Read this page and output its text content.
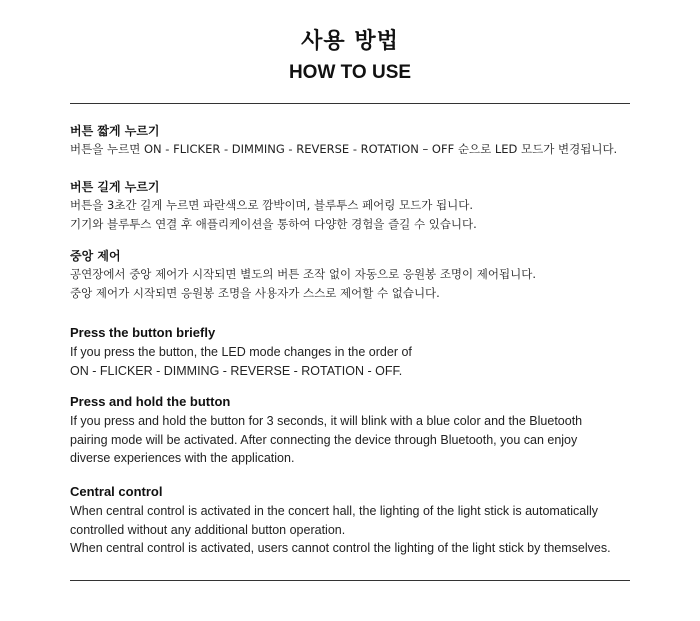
사용 방법
HOW TO USE

버튼 짧게 누르기

버튼을 누르면 ON - FLICKER - DIMMING - REVERSE - ROTATION – OFF 순으로 LED 모드가 변경됩니다.

버튼 길게 누르기

버튼을 3초간 길게 누르면 파란색으로 깜박이며, 블루투스 페어링 모드가 됩니다.
기기와 블루투스 연결 후 애플리케이션을 통하여 다양한 경험을 즐길 수 있습니다.

중앙 제어

공연장에서 중앙 제어가 시작되면 별도의 버튼 조작 없이 자동으로 응원봉 조명이 제어됩니다.
중앙 제어가 시작되면 응원봉 조명을 사용자가 스스로 제어할 수 없습니다.

Press the button briefly

If you press the button, the LED mode changes in the order of
ON - FLICKER - DIMMING - REVERSE - ROTATION - OFF.

Press and hold the button

If you press and hold the button for 3 seconds, it will blink with a blue color and the Bluetooth
pairing mode will be activated. After connecting the device through Bluetooth, you can enjoy
diverse experiences with the application.

Central control

When central control is activated in the concert hall, the lighting of the light stick is automatically
controlled without any additional button operation.
When central control is activated, users cannot control the lighting of the light stick by themselves.
